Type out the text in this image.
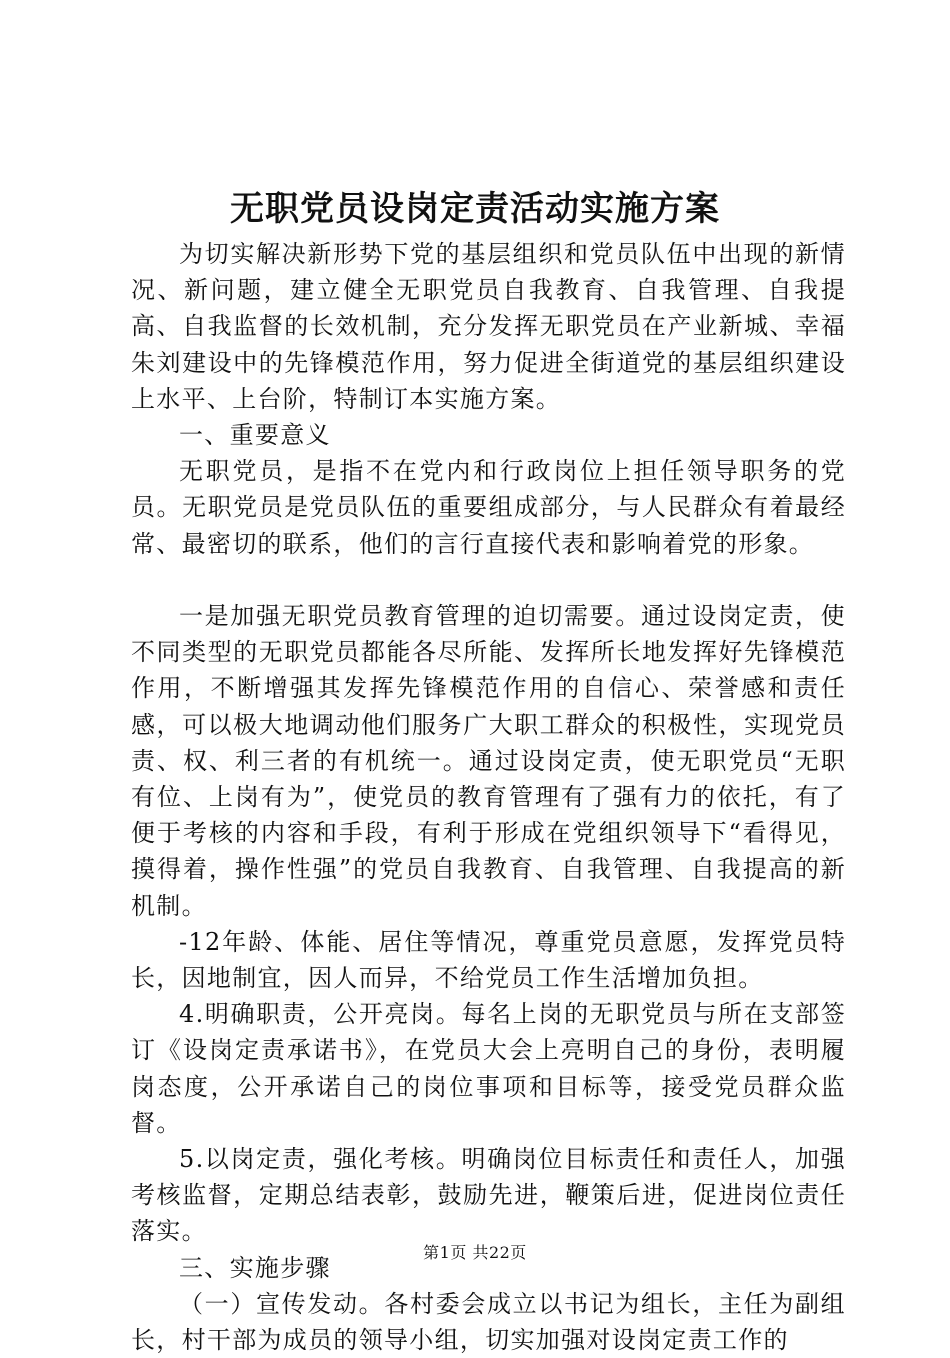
无职党员设岗定责活动实施方案

为切实解决新形势下党的基层组织和党员队伍中出现的新情况、新问题，建立健全无职党员自我教育、自我管理、自我提高、自我监督的长效机制，充分发挥无职党员在产业新城、幸福朱刘建设中的先锋模范作用，努力促进全街道党的基层组织建设上水平、上台阶，特制订本实施方案。

一、重要意义

无职党员，是指不在党内和行政岗位上担任领导职务的党员。无职党员是党员队伍的重要组成部分，与人民群众有着最经常、最密切的联系，他们的言行直接代表和影响着党的形象。

一是加强无职党员教育管理的迫切需要。通过设岗定责，使不同类型的无职党员都能各尽所能、发挥所长地发挥好先锋模范作用，不断增强其发挥先锋模范作用的自信心、荣誉感和责任感，可以极大地调动他们服务广大职工群众的积极性，实现党员责、权、利三者的有机统一。通过设岗定责，使无职党员“无职有位、上岗有为”，使党员的教育管理有了强有力的依托，有了便于考核的内容和手段，有利于形成在党组织领导下“看得见，摸得着，操作性强”的党员自我教育、自我管理、自我提高的新机制。

-12年龄、体能、居住等情况，尊重党员意愿，发挥党员特长，因地制宜，因人而异，不给党员工作生活增加负担。

4.明确职责，公开亮岗。每名上岗的无职党员与所在支部签订《设岗定责承诺书》，在党员大会上亮明自己的身份，表明履岗态度，公开承诺自己的岗位事项和目标等，接受党员群众监督。

5.以岗定责，强化考核。明确岗位目标责任和责任人，加强考核监督，定期总结表彰，鼓励先进，鞭策后进，促进岗位责任落实。

三、实施步骤

（一）宣传发动。各村委会成立以书记为组长，主任为副组长，村干部为成员的领导小组，切实加强对设岗定责工作的

第1页 共22页
